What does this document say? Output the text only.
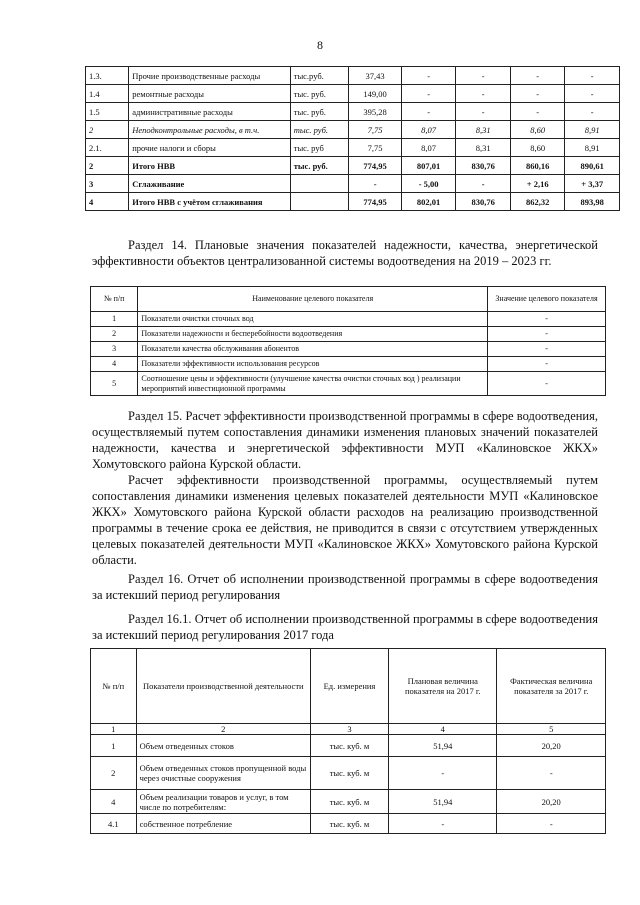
8
1.3.	Прочие производственные расходы	тыс.руб.	37,43	-	-	-	-
1.4	ремонтные расходы	тыс. руб.	149,00	-	-	-	-
1.5	административные расходы	тыс. руб.	395,28	-	-	-	-
2	Неподконтрольные расходы, в т.ч.	тыс. руб.	7,75	8,07	8,31	8,60	8,91
2.1.	прочие налоги и сборы	тыс. руб	7,75	8,07	8,31	8,60	8,91
2	Итого НВВ	тыс. руб.	774,95	807,01	830,76	860,16	890,61
3	Сглаживание		-	- 5,00	-	+ 2,16	+ 3,37
4	Итого НВВ с учётом сглаживания		774,95	802,01	830,76	862,32	893,98

Раздел 14. Плановые значения показателей надежности, качества, энергетической эффективности объектов централизованной системы водоотведения на 2019 – 2023 гг.

№ п/п	Наименование целевого показателя	Значение целевого показателя
1	Показатели очистки сточных вод	-
2	Показатели надежности и бесперебойности водоотведения	-
3	Показатели качества обслуживания абонентов	-
4	Показатели эффективности использования ресурсов	-
5	Соотношение цены и эффективности (улучшение качества очистки сточных вод ) реализации мероприятий инвестиционной программы	-

Раздел 15. Расчет эффективности производственной программы в сфере водоотведения, осуществляемый путем сопоставления динамики изменения плановых значений показателей надежности, качества и энергетической эффективности МУП «Калиновское ЖКХ» Хомутовского района Курской области.

Расчет эффективности производственной программы, осуществляемый путем сопоставления динамики изменения целевых показателей деятельности МУП «Калиновское ЖКХ» Хомутовского района Курской области расходов на реализацию производственной программы в течение срока ее действия, не приводится в связи с отсутствием утвержденных целевых показателей деятельности МУП «Калиновское ЖКХ» Хомутовского района Курской области.

Раздел 16. Отчет об исполнении производственной программы в сфере водоотведения за истекший период регулирования

Раздел 16.1. Отчет об исполнении производственной программы в сфере водоотведения за истекший период регулирования 2017 года

№ п/п	Показатели производственной деятельности	Ед. измерения	Плановая величина показателя на 2017 г.	Фактическая величина показателя за 2017 г.
1	2	3	4	5
1	Объем отведенных стоков	тыс. куб. м	51,94	20,20
2	Объем отведенных стоков пропущенной воды через очистные сооружения	тыс. куб. м	-	-
4	Объем реализации товаров и услуг, в том числе по потребителям:	тыс. куб. м	51,94	20,20
4.1	собственное потребление	тыс. куб. м	-	-
